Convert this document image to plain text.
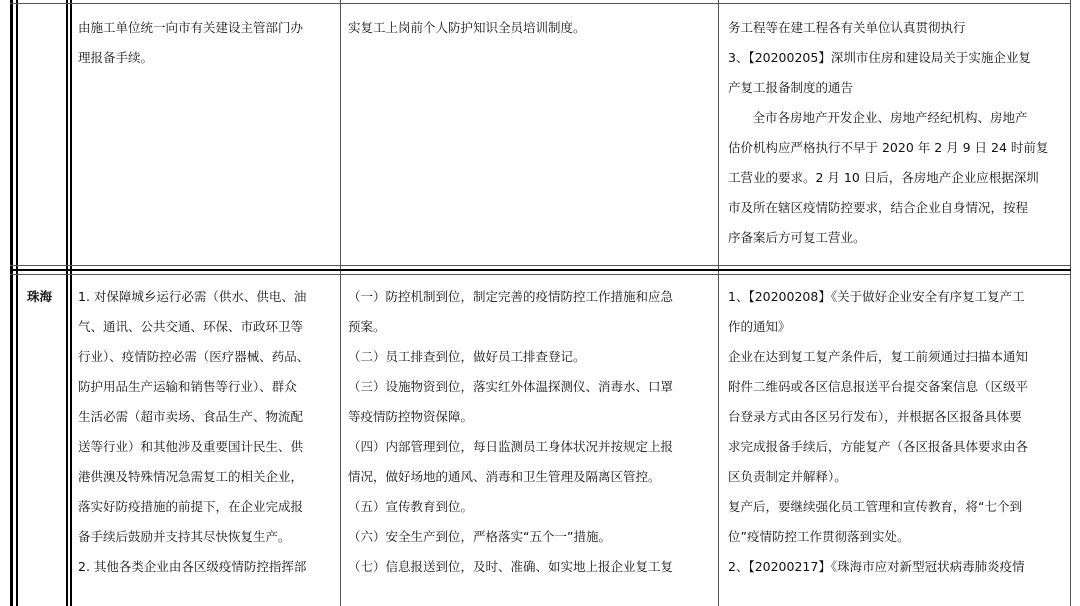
由施工单位统一向市有关建设主管部门办
理报备手续。
实复工上岗前个人防护知识全员培训制度。	务工程等在建工程各有关单位认真贯彻执行
3、【20200205】深圳市住房和建设局关于实施企业复
产复工报备制度的通告
　全市各房地产开发企业、房地产经纪机构、房地产
估价机构应严格执行不早于 2020 年 2 月 9 日 24 时前复
工营业的要求。2 月 10 日后，各房地产企业应根据深圳
市及所在辖区疫情防控要求，结合企业自身情况，按程
序备案后方可复工营业。
珠海 1. 对保障城乡运行必需（供水、供电、油
气、通讯、公共交通、环保、市政环卫等
行业）、疫情防控必需（医疗器械、药品、
防护用品生产运输和销售等行业）、群众
生活必需（超市卖场、食品生产、物流配
送等行业）和其他涉及重要国计民生、供
港供澳及特殊情况急需复工的相关企业，
落实好防疫措施的前提下，在企业完成报
备手续后鼓励并支持其尽快恢复生产。
2. 其他各类企业由各区级疫情防控指挥部
（一）防控机制到位，制定完善的疫情防控工作措施和应急
预案。
（二）员工排查到位，做好员工排查登记。
（三）设施物资到位，落实红外体温探测仪、消毒水、口罩
等疫情防控物资保障。
（四）内部管理到位，每日监测员工身体状况并按规定上报
情况，做好场地的通风、消毒和卫生管理及隔离区管控。
（五）宣传教育到位。
（六）安全生产到位，严格落实“五个一”措施。
（七）信息报送到位，及时、准确、如实地上报企业复工复
1、【20200208】《关于做好企业安全有序复工复产工
作的通知》
企业在达到复工复产条件后，复工前须通过扫描本通知
附件二维码或各区信息报送平台提交备案信息（区级平
台登录方式由各区另行发布），并根据各区报备具体要
求完成报备手续后，方能复产（各区报备具体要求由各
区负责制定并解释）。
复产后，要继续强化员工管理和宣传教育，将“七个到
位”疫情防控工作贯彻落到实处。
2、【20200217】《珠海市应对新型冠状病毒肺炎疫情
